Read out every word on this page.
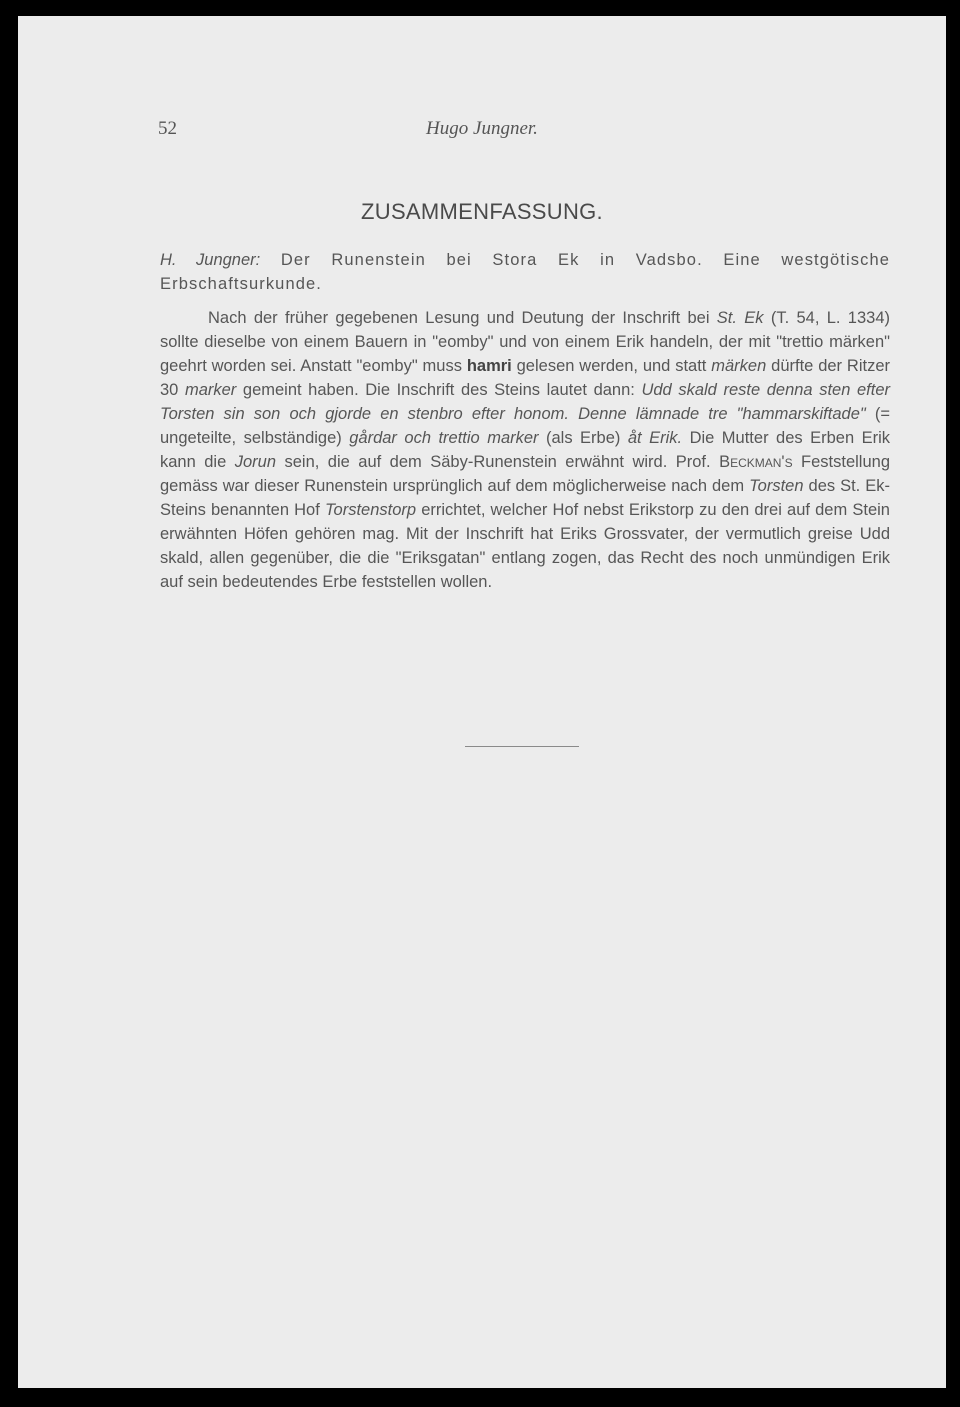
52	Hugo Jungner.
ZUSAMMENFASSUNG.

H. Jungner: Der Runenstein bei Stora Ek in Vadsbo. Eine westgötische Erbschaftsurkunde.

Nach der früher gegebenen Lesung und Deutung der Inschrift bei St. Ek (T. 54, L. 1334) sollte dieselbe von einem Bauern in "eomby" und von einem Erik handeln, der mit "trettio märken" geehrt worden sei. Anstatt "eomby" muss hamri gelesen werden, und statt märken dürfte der Ritzer 30 marker gemeint haben. Die Inschrift des Steins lautet dann: Udd skald reste denna sten efter Torsten sin son och gjorde en stenbro efter honom. Denne lämnade tre "hammarskiftade" (= ungeteilte, selbständige) gårdar och trettio marker (als Erbe) åt Erik. Die Mutter des Erben Erik kann die Jorun sein, die auf dem Säby-Runenstein erwähnt wird. Prof. Beckman's Feststellung gemäss war dieser Runenstein ursprünglich auf dem möglicherweise nach dem Torsten des St. Ek-Steins benannten Hof Torstenstorp errichtet, welcher Hof nebst Erikstorp zu den drei auf dem Stein erwähnten Höfen gehören mag. Mit der Inschrift hat Eriks Grossvater, der vermutlich greise Udd skald, allen gegenüber, die die "Eriksgatan" entlang zogen, das Recht des noch unmündigen Erik auf sein bedeutendes Erbe feststellen wollen.
